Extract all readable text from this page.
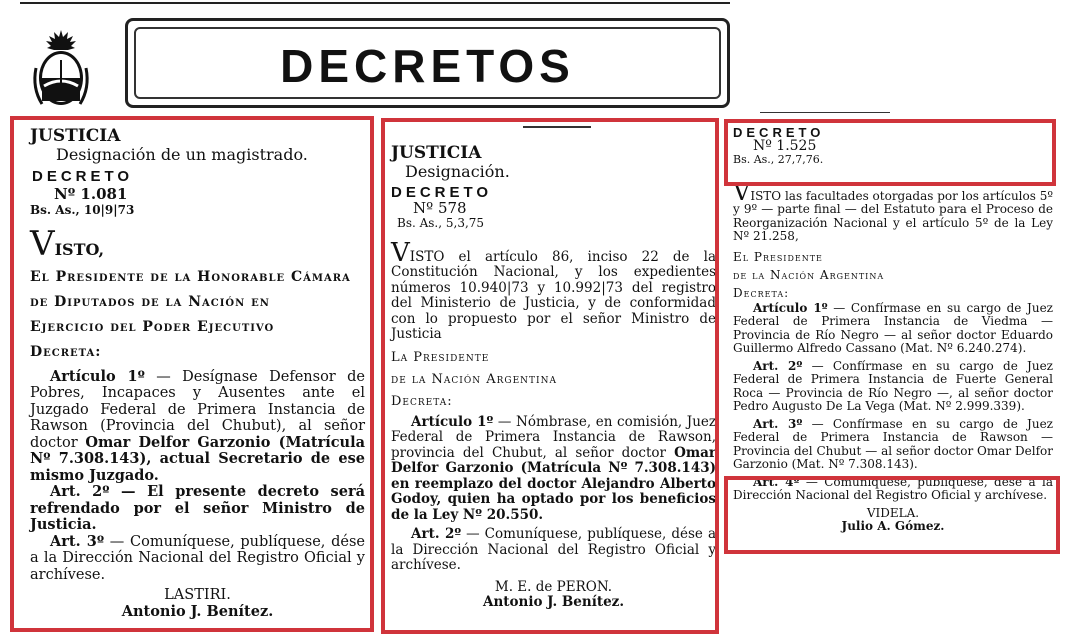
DECRETOS

JUSTICIA

Designación de un magistrado.

DECRETO

Nº 1.081

Bs. As., 10|9|73

VISTO,

El Presidente de la Honorable Cámara

de Diputados de la Nación en

Ejercicio del Poder Ejecutivo

Decreta:

Artículo 1º — Desígnase Defensor de Pobres, Incapaces y Ausentes ante el Juzgado Federal de Primera Instancia de Rawson (Provincia del Chubut), al señor doctor Omar Delfor Garzonio (Matrícula Nº 7.308.143), actual Secretario de ese mismo Juzgado.

Art. 2º — El presente decreto será refrendado por el señor Ministro de Justicia.

Art. 3º — Comuníquese, publíquese, dése a la Dirección Nacional del Registro Oficial y archívese.

LASTIRI.

Antonio J. Benítez.

JUSTICIA

Designación.

DECRETO

Nº 578

Bs. As., 5,3,75

VISTO el artículo 86, inciso 22 de la Constitución Nacional, y los expedientes números 10.940|73 y 10.992|73 del registro del Ministerio de Justicia, y de conformidad con lo propuesto por el señor Ministro de Justicia

La Presidente

de la Nación Argentina

Decreta:

Artículo 1º — Nómbrase, en comisión, Juez Federal de Primera Instancia de Rawson, provincia del Chubut, al señor doctor Omar Delfor Garzonio (Matrícula Nº 7.308.143) en reemplazo del doctor Alejandro Alberto Godoy, quien ha optado por los beneficios de la Ley Nº 20.550.

Art. 2º — Comuníquese, publíquese, dése a la Dirección Nacional del Registro Oficial y archívese.

M. E. de PERON.

Antonio J. Benítez.

DECRETO

Nº 1.525

Bs. As., 27,7,76.

VISTO las facultades otorgadas por los artículos 5º y 9º — parte final — del Estatuto para el Proceso de Reorganización Nacional y el artículo 5º de la Ley Nº 21.258,

El Presidente

de la Nación Argentina

Decreta:

Artículo 1º — Confírmase en su cargo de Juez Federal de Primera Instancia de Viedma — Provincia de Río Negro — al señor doctor Eduardo Guillermo Alfredo Cassano (Mat. Nº 6.240.274).

Art. 2º — Confírmase en su cargo de Juez Federal de Primera Instancia de Fuerte General Roca — Provincia de Río Negro —, al señor doctor Pedro Augusto De La Vega (Mat. Nº 2.999.339).

Art. 3º — Confírmase en su cargo de Juez Federal de Primera Instancia de Rawson — Provincia del Chubut — al señor doctor Omar Delfor Garzonio (Mat. Nº 7.308.143).

Art. 4º — Comuníquese, publíquese, dése a la Dirección Nacional del Registro Oficial y archívese.

VIDELA.

Julio A. Gómez.
